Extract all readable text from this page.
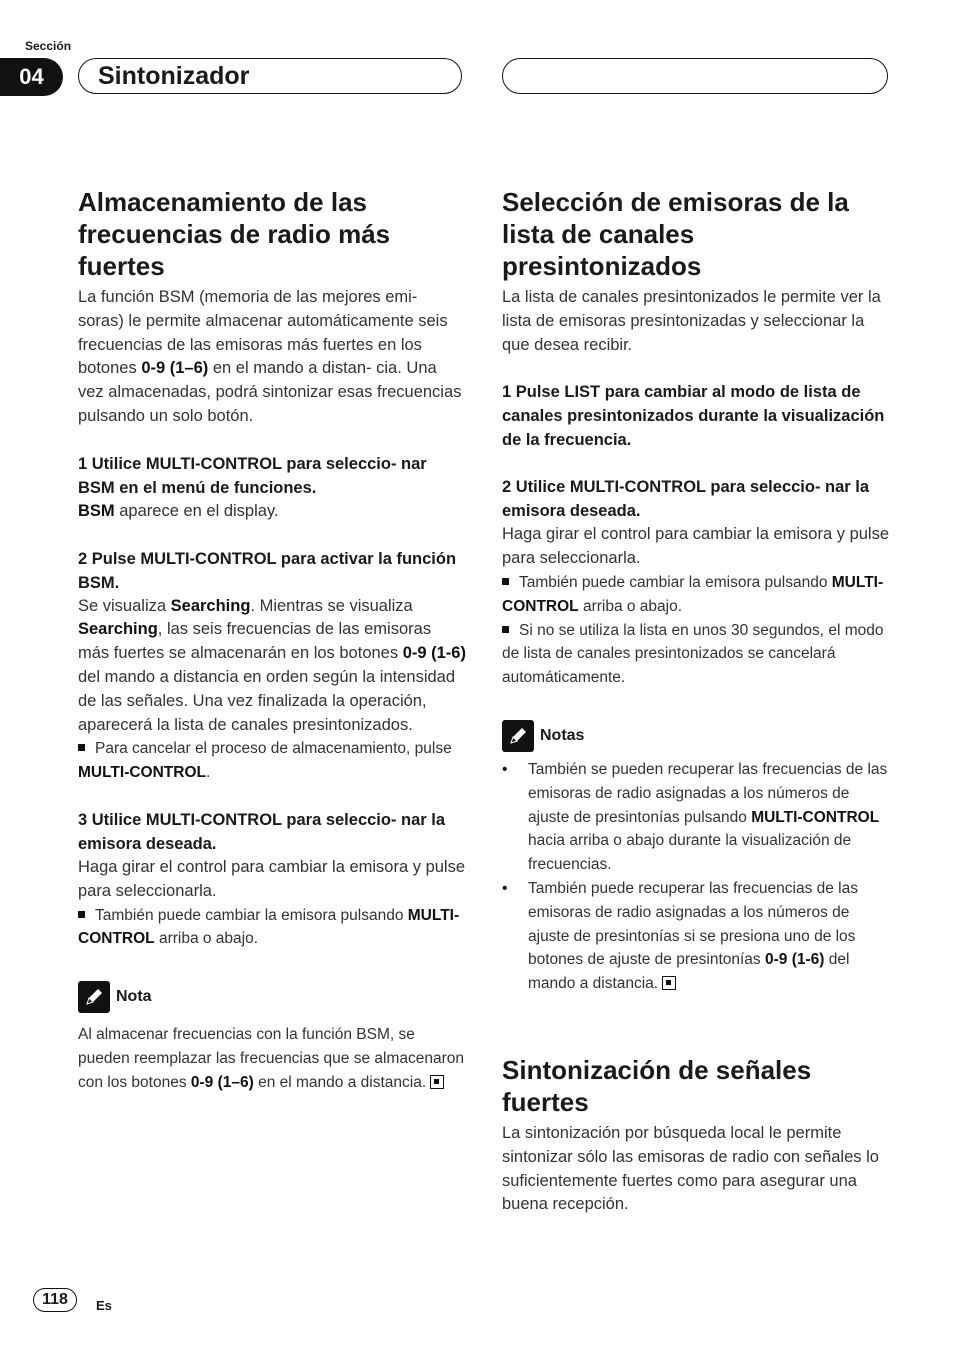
Sección
04	Sintonizador
Almacenamiento de las frecuencias de radio más fuertes

La función BSM (memoria de las mejores emi- soras) le permite almacenar automáticamente seis frecuencias de las emisoras más fuertes en los botones 0-9 (1–6) en el mando a distan- cia. Una vez almacenadas, podrá sintonizar esas frecuencias pulsando un solo botón.

1 Utilice MULTI-CONTROL para seleccio- nar BSM en el menú de funciones.

BSM aparece en el display.

2 Pulse MULTI-CONTROL para activar la función BSM.

Se visualiza Searching. Mientras se visualiza Searching, las seis frecuencias de las emisoras más fuertes se almacenarán en los botones 0-9 (1-6) del mando a distancia en orden según la intensidad de las señales. Una vez finalizada la operación, aparecerá la lista de canales presintonizados.

Para cancelar el proceso de almacenamiento, pulse MULTI-CONTROL.

3 Utilice MULTI-CONTROL para seleccio- nar la emisora deseada.

Haga girar el control para cambiar la emisora y pulse para seleccionarla.

También puede cambiar la emisora pulsando MULTI-CONTROL arriba o abajo.

Nota

Al almacenar frecuencias con la función BSM, se pueden reemplazar las frecuencias que se almacenaron con los botones 0-9 (1–6) en el mando a distancia.

Selección de emisoras de la lista de canales presintonizados

La lista de canales presintonizados le permite ver la lista de emisoras presintonizadas y seleccionar la que desea recibir.

1 Pulse LIST para cambiar al modo de lista de canales presintonizados durante la visualización de la frecuencia.

2 Utilice MULTI-CONTROL para seleccio- nar la emisora deseada.

Haga girar el control para cambiar la emisora y pulse para seleccionarla.

También puede cambiar la emisora pulsando MULTI-CONTROL arriba o abajo.

Si no se utiliza la lista en unos 30 segundos, el modo de lista de canales presintonizados se cancelará automáticamente.

Notas

• También se pueden recuperar las frecuencias de las emisoras de radio asignadas a los números de ajuste de presintonías pulsando MULTI-CONTROL hacia arriba o abajo durante la visualización de frecuencias.

• También puede recuperar las frecuencias de las emisoras de radio asignadas a los números de ajuste de presintonías si se presiona uno de los botones de ajuste de presintonías 0-9 (1-6) del mando a distancia.

Sintonización de señales fuertes

La sintonización por búsqueda local le permite sintonizar sólo las emisoras de radio con señales lo suficientemente fuertes como para asegurar una buena recepción.

118	Es
